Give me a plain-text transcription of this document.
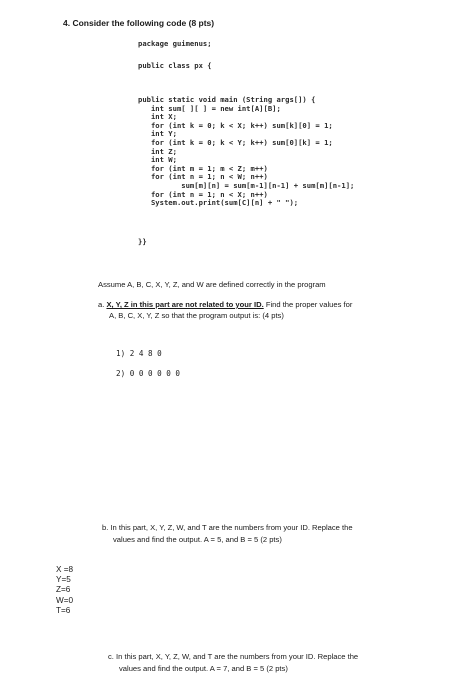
4. Consider the following code (8 pts)
package guimenus;
public class px {
public static void main (String args[]) {
int sum[ ][ ] = new int[A][B];
int X;
for (int k = 0; k < X; k++) sum[k][0] = 1;
int Y;
for (int k = 0; k < Y; k++) sum[0][k] = 1;
int Z;
int W;
for (int m = 1; m < Z; m++)
for (int n = 1; n < W; n++)
sum[m][n] = sum[m-1][n-1] + sum[m][n-1];
for (int n = 1; n < X; n++)
System.out.print(sum[C][n] + " ");
}}
Assume A, B, C, X, Y, Z, and W are defined correctly in the program
a. X, Y, Z in this part are not related to your ID. Find the proper values for
A, B, C, X, Y, Z so that the program output is: (4 pts)
1) 2 4 8 0
2) 0 0 0 0 0 0
b. In this part, X, Y, Z, W, and T are the numbers from your ID. Replace the
values and find the output. A = 5, and B = 5 (2 pts)
X =8
Y=5
Z=6
W=0
T=6
c. In this part, X, Y, Z, W, and T are the numbers from your ID. Replace the
values and find the output. A = 7, and B = 5 (2 pts)
